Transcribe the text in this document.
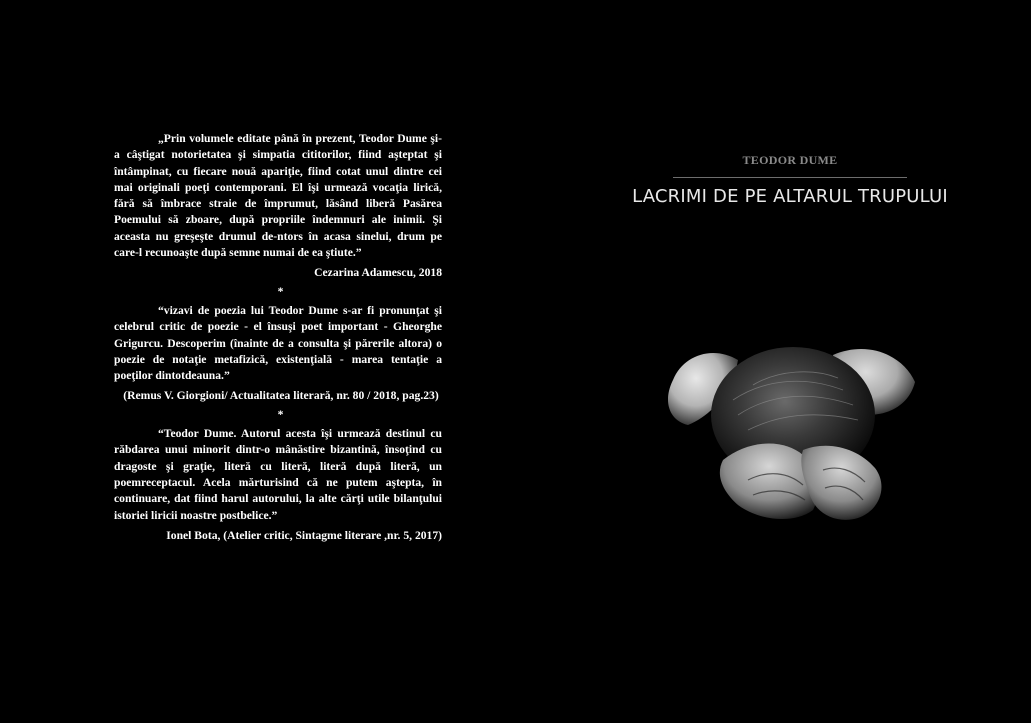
„Prin volumele editate până în prezent, Teodor Dume şi-a câştigat notorietatea şi simpatia cititorilor, fiind aşteptat şi întâmpinat, cu fiecare nouă apariţie, fiind cotat unul dintre cei mai originali poeţi contemporani. El îşi urmează vocaţia lirică, fără să îmbrace straie de împrumut, lăsând liberă Pasărea Poemului să zboare, după propriile îndemnuri ale inimii. Şi aceasta nu greşeşte drumul de-ntors în acasa sinelui, drum pe care-l recunoaşte după semne numai de ea ştiute.”

Cezarina Adamescu, 2018

*

“vizavi de poezia lui Teodor Dume s-ar fi pronunţat şi celebrul critic de poezie - el însuşi poet important - Gheorghe Grigurcu. Descoperim (înainte de a consulta şi părerile altora) o poezie de notaţie metafizică, existenţială - marea tentaţie a poeţilor dintotdeauna.”

(Remus V. Giorgioni/ Actualitatea literară, nr. 80 / 2018, pag.23)

*

“Teodor Dume. Autorul acesta îşi urmează destinul cu răbdarea unui minorit dintr-o mânăstire bizantină, însoţind cu dragoste şi graţie, literă cu literă, literă după literă, un poemreceptacul. Acela mărturisind că ne putem aştepta, în continuare, dat fiind harul autorului, la alte cărţi utile bilanţului istoriei liricii noastre postbelice.”

Ionel Bota, (Atelier critic, Sintagme literare ,nr. 5, 2017)

TEODOR DUME
LACRIMI DE PE ALTARUL TRUPULUI
